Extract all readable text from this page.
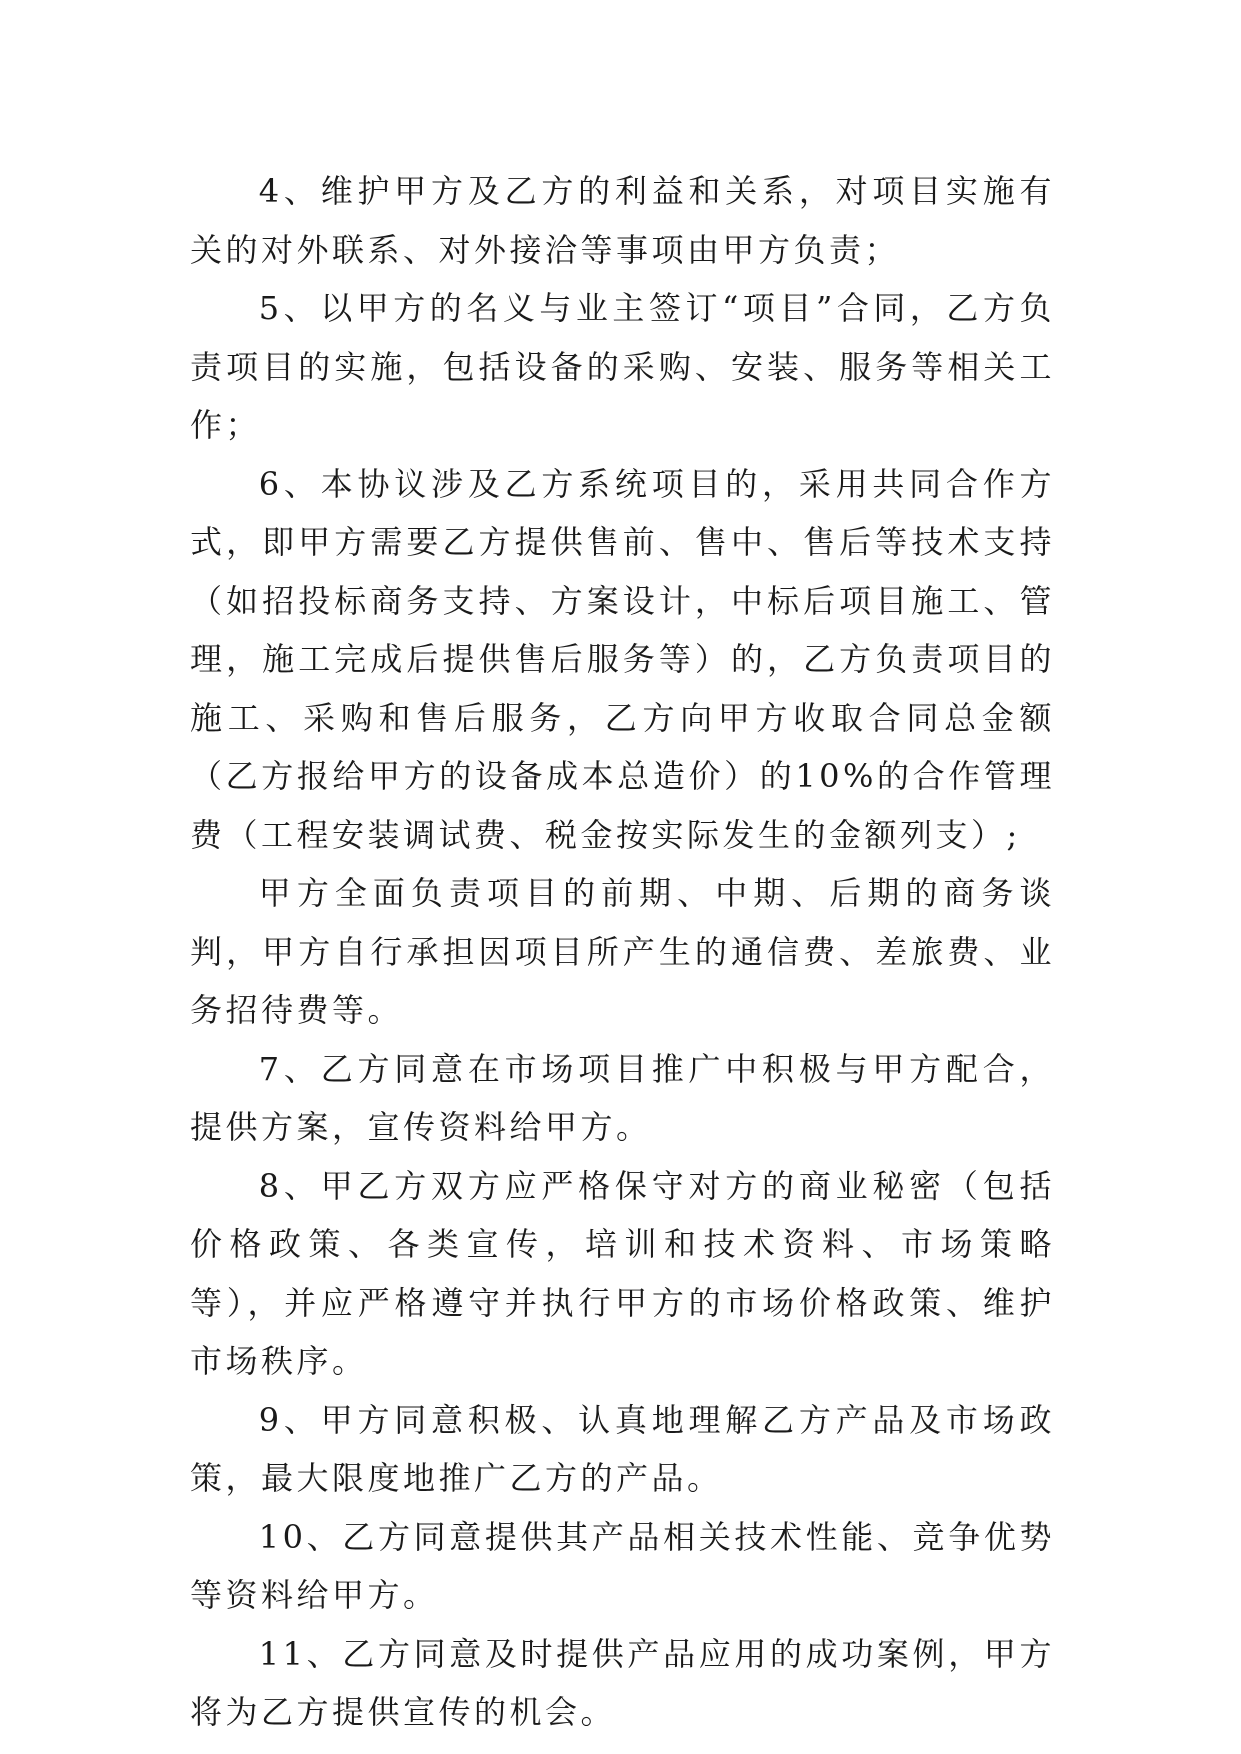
4、维护甲方及乙方的利益和关系，对项目实施有关的对外联系、对外接洽等事项由甲方负责；

5、以甲方的名义与业主签订“项目”合同，乙方负责项目的实施，包括设备的采购、安装、服务等相关工作；

6、本协议涉及乙方系统项目的，采用共同合作方式，即甲方需要乙方提供售前、售中、售后等技术支持（如招投标商务支持、方案设计，中标后项目施工、管理，施工完成后提供售后服务等）的，乙方负责项目的施工、采购和售后服务，乙方向甲方收取合同总金额（乙方报给甲方的设备成本总造价）的10%的合作管理费（工程安装调试费、税金按实际发生的金额列支）;

甲方全面负责项目的前期、中期、后期的商务谈判，甲方自行承担因项目所产生的通信费、差旅费、业务招待费等。

7、乙方同意在市场项目推广中积极与甲方配合，提供方案，宣传资料给甲方。

8、甲乙方双方应严格保守对方的商业秘密（包括价格政策、各类宣传，培训和技术资料、市场策略等），并应严格遵守并执行甲方的市场价格政策、维护市场秩序。

9、甲方同意积极、认真地理解乙方产品及市场政策，最大限度地推广乙方的产品。

10、乙方同意提供其产品相关技术性能、竞争优势等资料给甲方。

11、乙方同意及时提供产品应用的成功案例，甲方将为乙方提供宣传的机会。
